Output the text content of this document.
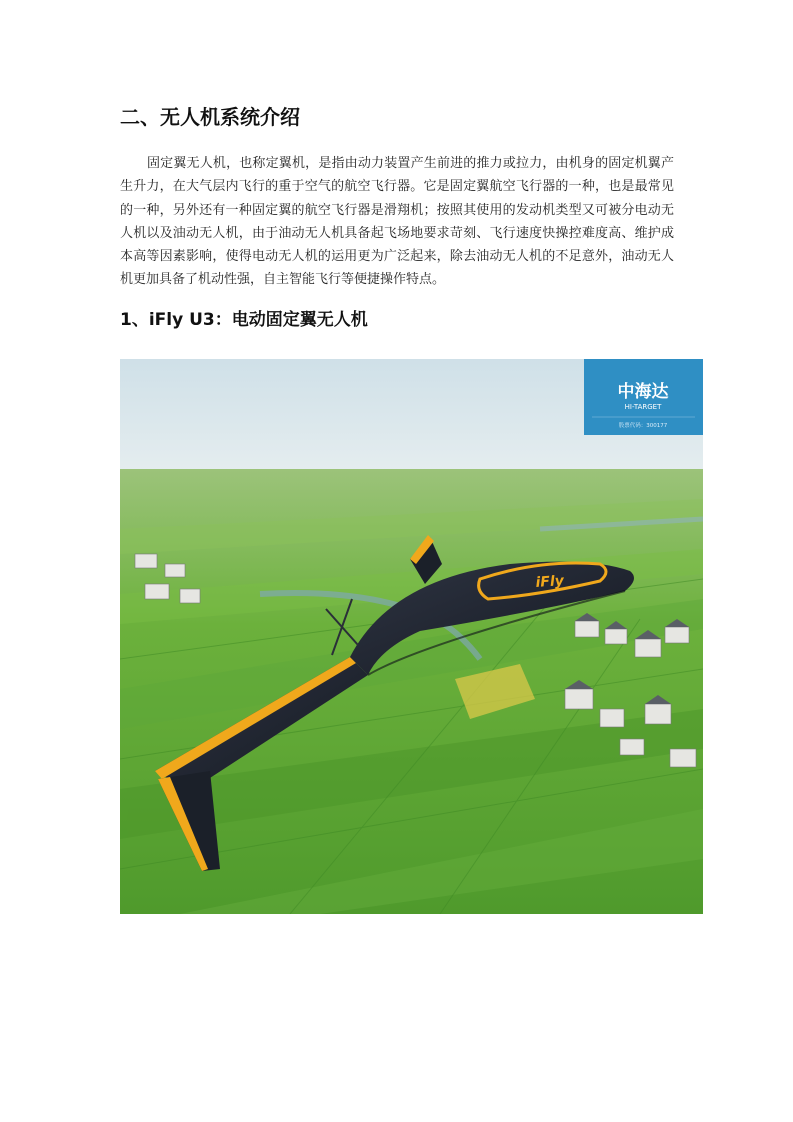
二、无人机系统介绍

固定翼无人机，也称定翼机，是指由动力装置产生前进的推力或拉力，由机身的固定机翼产生升力，在大气层内飞行的重于空气的航空飞行器。它是固定翼航空飞行器的一种，也是最常见的一种，另外还有一种固定翼的航空飞行器是滑翔机；按照其使用的发动机类型又可被分电动无人机以及油动无人机，由于油动无人机具备起飞场地要求苛刻、飞行速度快操控难度高、维护成本高等因素影响，使得电动无人机的运用更为广泛起来，除去油动无人机的不足意外，油动无人机更加具备了机动性强，自主智能飞行等便捷操作特点。

1、iFly U3：电动固定翼无人机
中海达
HI-TARGET
股票代码：300177
iFly
